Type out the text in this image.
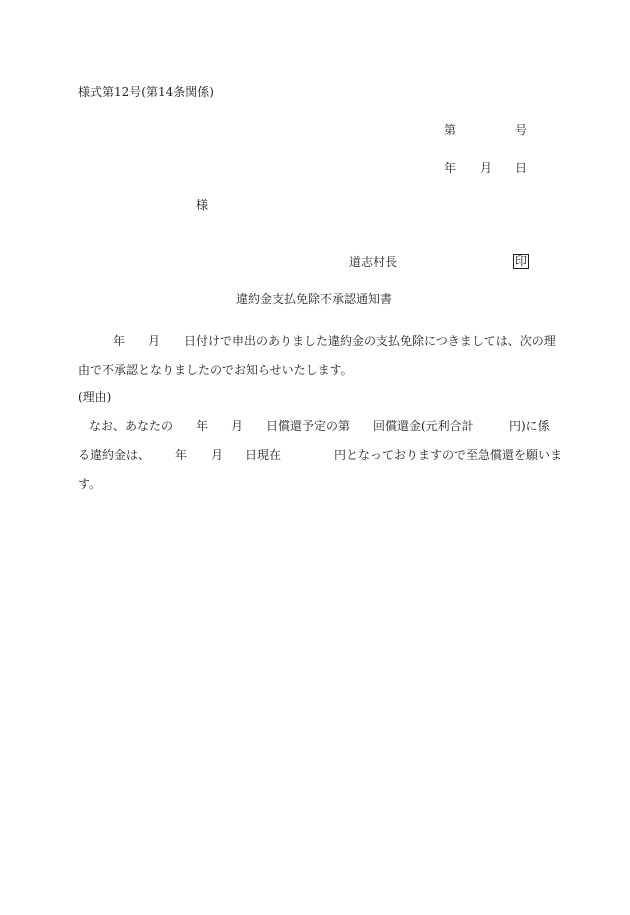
様式第12号(第14条関係)
第	号
年 月 日
様
道志村長	印
違約金支払免除不承認通知書
年 月 日付けで申出のありました違約金の支払免除につきましては、次の理
由で不承認となりましたのでお知らせいたします。
(理由)
なお、あなたの 年 月 日償還予定の第 回償還金(元利合計	円)に係
る違約金は、 年 月 日現在	円となっておりますので至急償還を願いま
す。
